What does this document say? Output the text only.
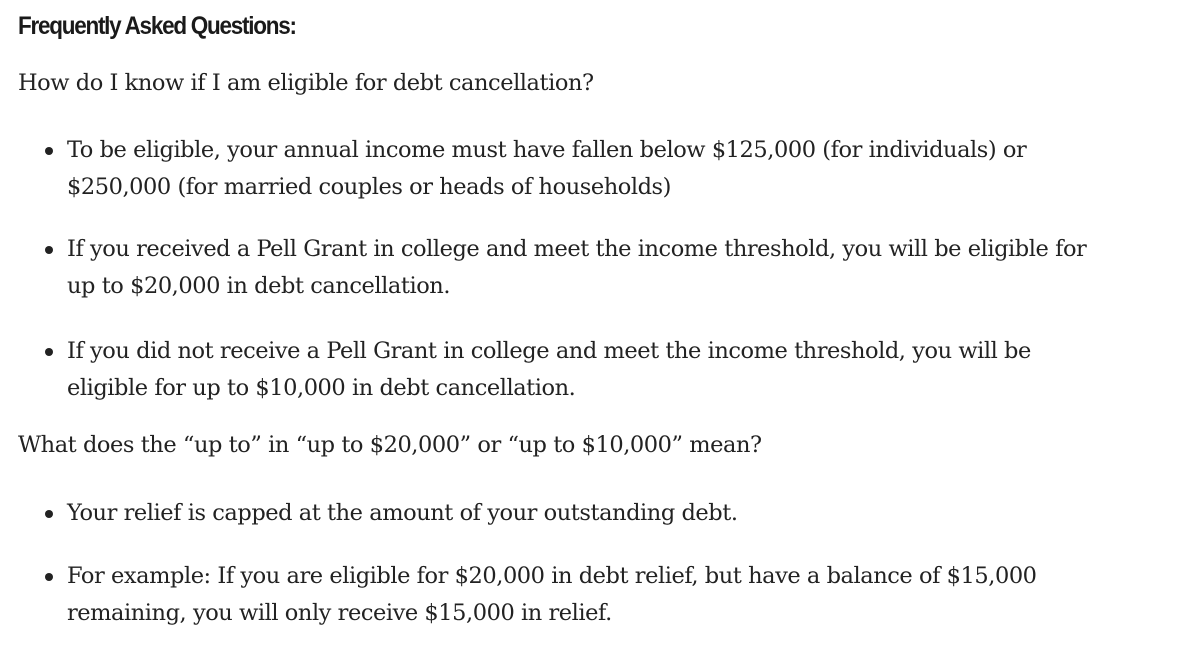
Frequently Asked Questions:

How do I know if I am eligible for debt cancellation?

To be eligible, your annual income must have fallen below $125,000 (for individuals) or
$250,000 (for married couples or heads of households)
If you received a Pell Grant in college and meet the income threshold, you will be eligible for
up to $20,000 in debt cancellation.
If you did not receive a Pell Grant in college and meet the income threshold, you will be
eligible for up to $10,000 in debt cancellation.

What does the “up to” in “up to $20,000” or “up to $10,000” mean?

Your relief is capped at the amount of your outstanding debt.
For example: If you are eligible for $20,000 in debt relief, but have a balance of $15,000
remaining, you will only receive $15,000 in relief.
